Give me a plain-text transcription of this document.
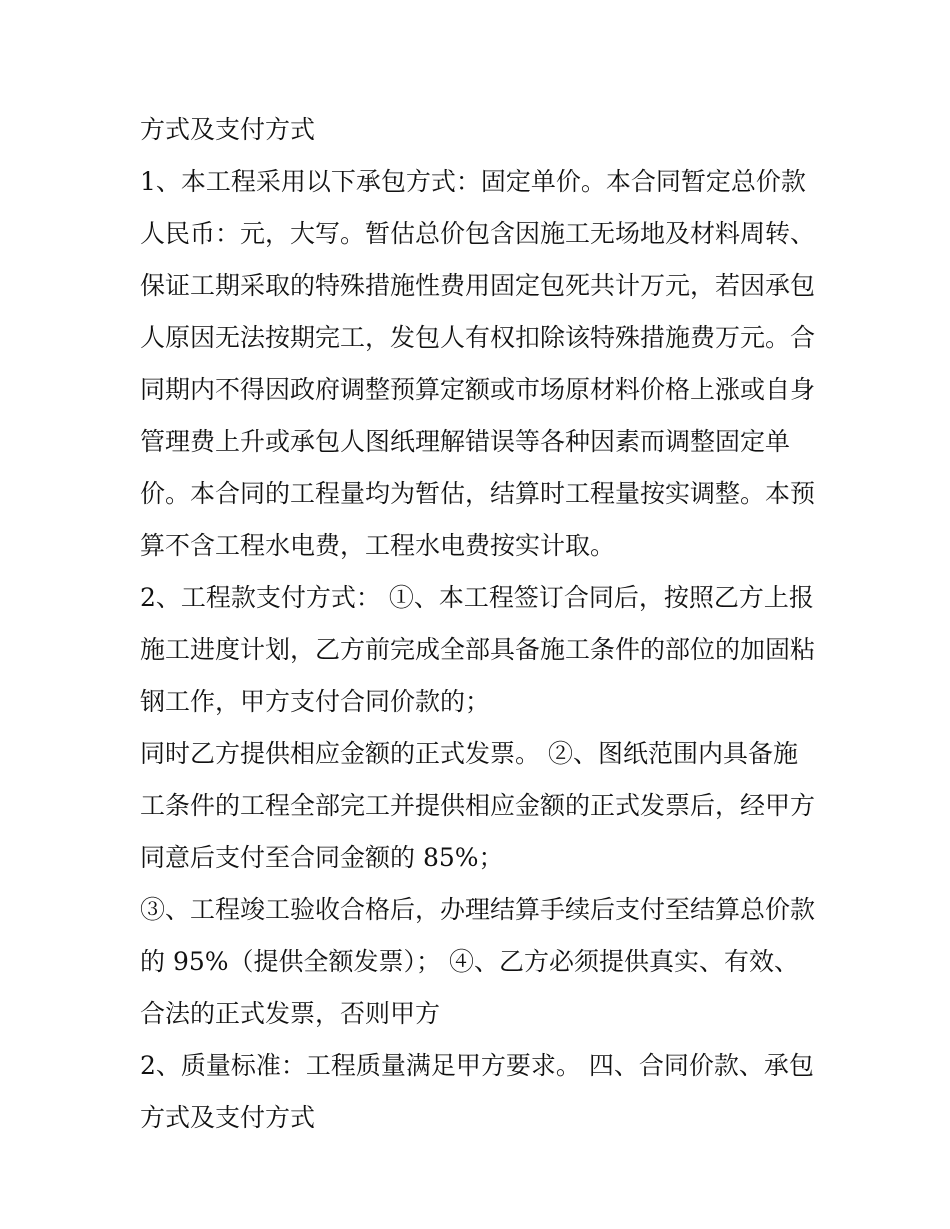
方式及支付方式

1、本工程采用以下承包方式：固定单价。本合同暂定总价款

人民币：元，大写。暂估总价包含因施工无场地及材料周转、

保证工期采取的特殊措施性费用固定包死共计万元，若因承包

人原因无法按期完工，发包人有权扣除该特殊措施费万元。合

同期内不得因政府调整预算定额或市场原材料价格上涨或自身

管理费上升或承包人图纸理解错误等各种因素而调整固定单

价。本合同的工程量均为暂估，结算时工程量按实调整。本预

算不含工程水电费，工程水电费按实计取。

2、工程款支付方式： ①、本工程签订合同后，按照乙方上报

施工进度计划，乙方前完成全部具备施工条件的部位的加固粘

钢工作，甲方支付合同价款的；

同时乙方提供相应金额的正式发票。 ②、图纸范围内具备施

工条件的工程全部完工并提供相应金额的正式发票后，经甲方

同意后支付至合同金额的 85%；

③、工程竣工验收合格后，办理结算手续后支付至结算总价款

的 95%（提供全额发票）； ④、乙方必须提供真实、有效、

合法的正式发票，否则甲方

2、质量标准：工程质量满足甲方要求。 四、合同价款、承包

方式及支付方式
